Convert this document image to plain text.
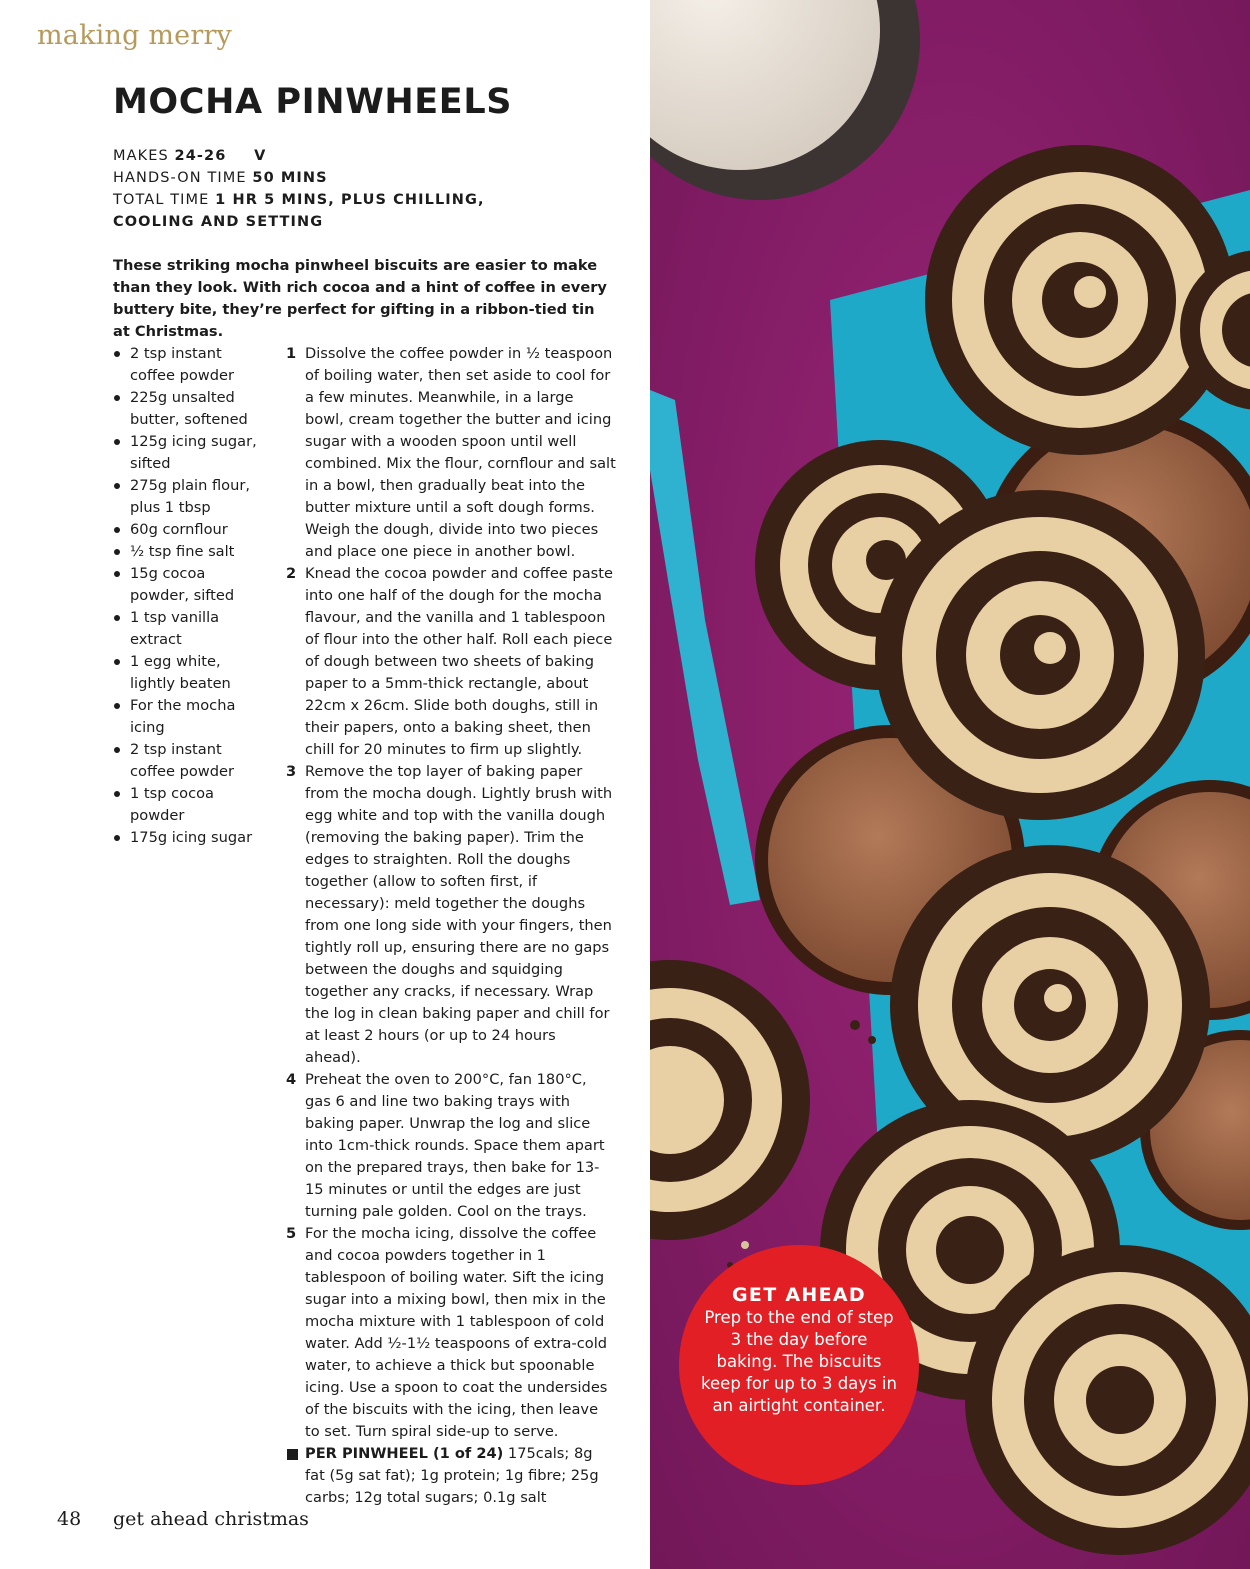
making merry
MOCHA PINWHEELS
MAKES 24-26 V
HANDS-ON TIME 50 MINS
TOTAL TIME 1 HR 5 MINS, PLUS CHILLING,
COOLING AND SETTING

These striking mocha pinwheel biscuits are easier to make than they look. With rich cocoa and a hint of coffee in every buttery bite, they’re perfect for gifting in a ribbon-tied tin at Christmas.

2 tsp instant coffee powder
225g unsalted butter, softened
125g icing sugar, sifted
275g plain flour, plus 1 tbsp
60g cornflour
½ tsp fine salt
15g cocoa powder, sifted
1 tsp vanilla extract
1 egg white, lightly beaten
For the mocha icing
2 tsp instant coffee powder
1 tsp cocoa powder
175g icing sugar
1 Dissolve the coffee powder in ½ teaspoon of boiling water, then set aside to cool for a few minutes. Meanwhile, in a large bowl, cream together the butter and icing sugar with a wooden spoon until well combined. Mix the flour, cornflour and salt in a bowl, then gradually beat into the butter mixture until a soft dough forms. Weigh the dough, divide into two pieces and place one piece in another bowl.
2 Knead the cocoa powder and coffee paste into one half of the dough for the mocha flavour, and the vanilla and 1 tablespoon of flour into the other half. Roll each piece of dough between two sheets of baking paper to a 5mm-thick rectangle, about 22cm x 26cm. Slide both doughs, still in their papers, onto a baking sheet, then chill for 20 minutes to firm up slightly.
3 Remove the top layer of baking paper from the mocha dough. Lightly brush with egg white and top with the vanilla dough (removing the baking paper). Trim the edges to straighten. Roll the doughs together (allow to soften first, if necessary): meld together the doughs from one long side with your fingers, then tightly roll up, ensuring there are no gaps between the doughs and squidging together any cracks, if necessary. Wrap the log in clean baking paper and chill for at least 2 hours (or up to 24 hours ahead).
4 Preheat the oven to 200°C, fan 180°C, gas 6 and line two baking trays with baking paper. Unwrap the log and slice into 1cm-thick rounds. Space them apart on the prepared trays, then bake for 13-15 minutes or until the edges are just turning pale golden. Cool on the trays.
5 For the mocha icing, dissolve the coffee and cocoa powders together in 1 tablespoon of boiling water. Sift the icing sugar into a mixing bowl, then mix in the mocha mixture with 1 tablespoon of cold water. Add ½-1½ teaspoons of extra-cold water, to achieve a thick but spoonable icing. Use a spoon to coat the undersides of the biscuits with the icing, then leave to set. Turn spiral side-up to serve.
PER PINWHEEL (1 of 24) 175cals; 8g fat (5g sat fat); 1g protein; 1g fibre; 25g carbs; 12g total sugars; 0.1g salt
48 get ahead christmas
GET AHEAD
Prep to the end of step 3 the day before baking. The biscuits keep for up to 3 days in an airtight container.
